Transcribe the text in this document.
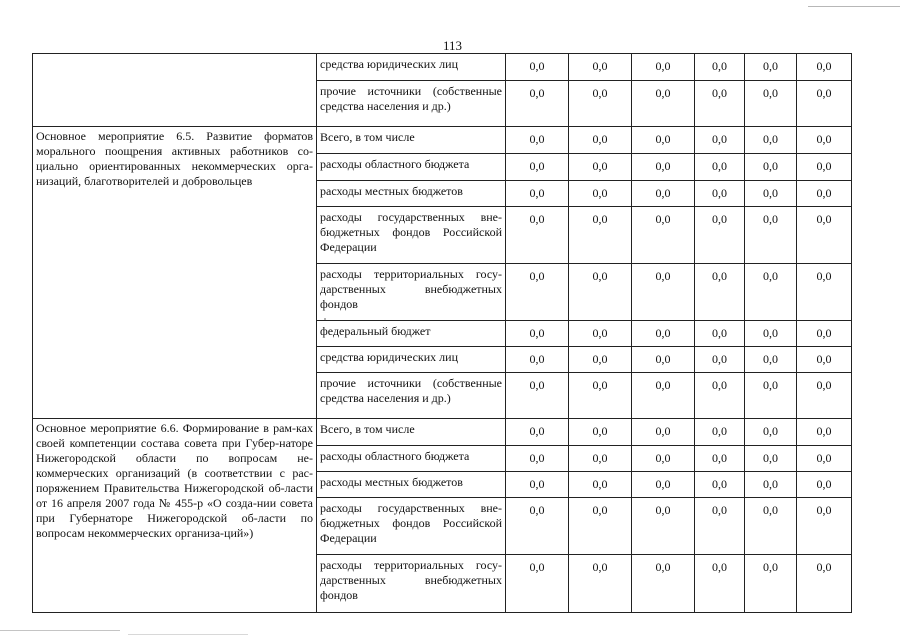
113
	средства юридических лиц	0,0	0,0	0,0	0,0	0,0	0,0
	прочие источники (собственные средства населения и др.)	0,0	0,0	0,0	0,0	0,0	0,0
Основное мероприятие 6.5. Развитие форматов морального поощрения активных работников со-циально ориентированных некоммерческих орга-низаций, благотворителей и добровольцев	Всего, в том числе	0,0	0,0	0,0	0,0	0,0	0,0
	расходы областного бюджета	0,0	0,0	0,0	0,0	0,0	0,0
	расходы местных бюджетов	0,0	0,0	0,0	0,0	0,0	0,0
	расходы государственных вне-бюджетных фондов Российской Федерации	0,0	0,0	0,0	0,0	0,0	0,0
	расходы территориальных госу-дарственных внебюджетных фондов	0,0	0,0	0,0	0,0	0,0	0,0
	федеральный бюджет	0,0	0,0	0,0	0,0	0,0	0,0
	средства юридических лиц	0,0	0,0	0,0	0,0	0,0	0,0
	прочие источники (собственные средства населения и др.)	0,0	0,0	0,0	0,0	0,0	0,0
Основное мероприятие 6.6. Формирование в рам-ках своей компетенции состава совета при Губер-наторе Нижегородской области по вопросам не-коммерческих организаций (в соответствии с рас-поряжением Правительства Нижегородской об-ласти от 16 апреля 2007 года № 455-р «О созда-нии совета при Губернаторе Нижегородской об-ласти по вопросам некоммерческих организа-ций»)	Всего, в том числе	0,0	0,0	0,0	0,0	0,0	0,0
	расходы областного бюджета	0,0	0,0	0,0	0,0	0,0	0,0
	расходы местных бюджетов	0,0	0,0	0,0	0,0	0,0	0,0
	расходы государственных вне-бюджетных фондов Российской Федерации	0,0	0,0	0,0	0,0	0,0	0,0
	расходы территориальных госу-дарственных внебюджетных фондов	0,0	0,0	0,0	0,0	0,0	0,0
